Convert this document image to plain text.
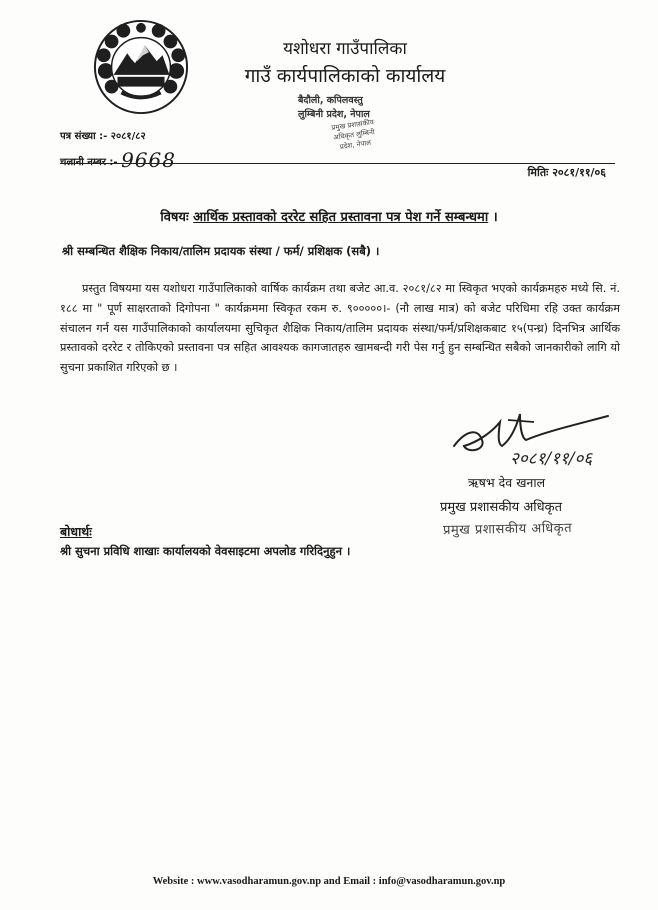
यशोधरा गाउँपालिका
गाउँ कार्यपालिकाको कार्यालय
बैदौली, कपिलवस्तु
लुम्बिनी प्रदेश, नेपाल
प्रमुख प्रशासकीय अधिकृत लुम्बिनी प्रदेश, नेपाल
पत्र संख्या :- २०८१/८२
चलानी नम्बर :- 9668
मितिः २०८१/११/०६
विषयः आर्थिक प्रस्तावको दररेट सहित प्रस्तावना पत्र पेश गर्ने सम्बन्धमा ।
श्री सम्बन्धित शैक्षिक निकाय/तालिम प्रदायक संस्था / फर्म/ प्रशिक्षक (सबै) ।
प्रस्तुत विषयमा यस यशोधरा गाउँपालिकाको वार्षिक कार्यक्रम तथा बजेट आ.व. २०८१/८२ मा स्विकृत भएको कार्यक्रमहरु मध्ये सि. नं. १८८ मा " पूर्ण साक्षरताको दिगोपना " कार्यक्रममा स्विकृत रकम रु. ९०००००।- (नौ लाख मात्र) को बजेट परिधिमा रहि उक्त कार्यक्रम संचालन गर्न यस गाउँपालिकाको कार्यालयमा सुचिकृत शैक्षिक निकाय/तालिम प्रदायक संस्था/फर्म/प्रशिक्षकबाट १५(पन्ध्र) दिनभित्र आर्थिक प्रस्तावको दररेट र तोकिएको प्रस्तावना पत्र सहित आवश्यक कागजातहरु खामबन्दी गरी पेस गर्नु हुन सम्बन्धित सबैको जानकारीको लागि यो सुचना प्रकाशित गरिएको छ ।
२०८१/११/०६
ऋषभ देव खनाल
प्रमुख प्रशासकीय अधिकृत
प्रमुख प्रशासकीय अधिकृत
बोधार्थः
श्री सुचना प्रविधि शाखाः कार्यालयको वेवसाइटमा अपलोड गरिदिनुहुन ।
Website : www.vasodharamun.gov.np and Email : info@vasodharamun.gov.np
